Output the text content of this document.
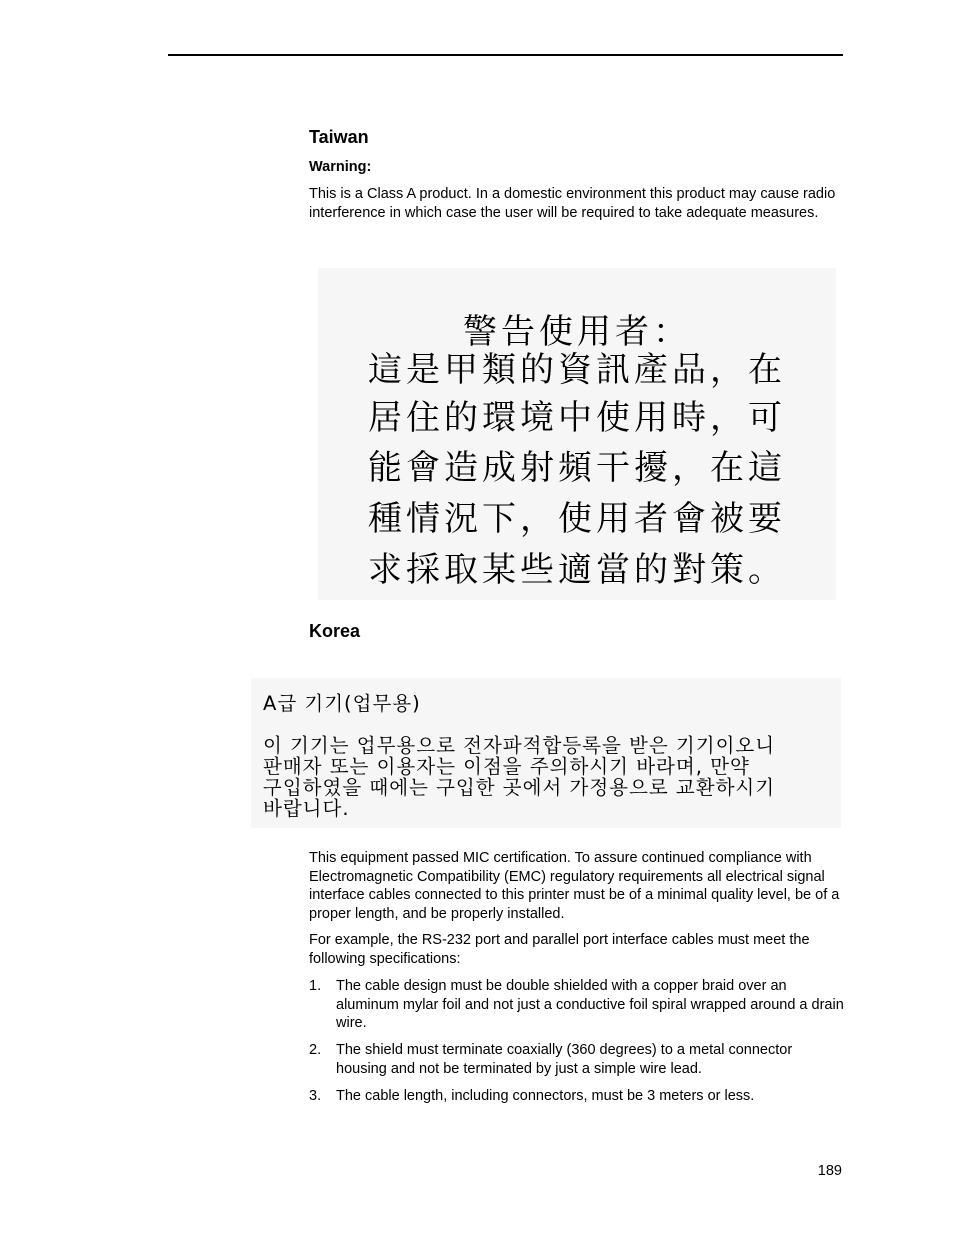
Taiwan

Warning:

This is a Class A product. In a domestic environment this product may cause radio interference in which case the user will be required to take adequate measures.

警告使用者：
這是甲類的資訊產品，在
居住的環境中使用時，可
能會造成射頻干擾，在這
種情況下，使用者會被要
求採取某些適當的對策。
Korea
A급 기기(업무용)
이 기기는 업무용으로 전자파적합등록을 받은 기기이오니
판매자 또는 이용자는 이점을 주의하시기 바라며, 만약
구입하였을 때에는 구입한 곳에서 가정용으로 교환하시기
바랍니다.

This equipment passed MIC certification. To assure continued compliance with Electromagnetic Compatibility (EMC) regulatory requirements all electrical signal interface cables connected to this printer must be of a minimal quality level, be of a proper length, and be properly installed.

For example, the RS-232 port and parallel port interface cables must meet the following specifications:

1.	The cable design must be double shielded with a copper braid over an aluminum mylar foil and not just a conductive foil spiral wrapped around a drain wire.
2.	The shield must terminate coaxially (360 degrees) to a metal connector housing and not be terminated by just a simple wire lead.
3.	The cable length, including connectors, must be 3 meters or less.
189
